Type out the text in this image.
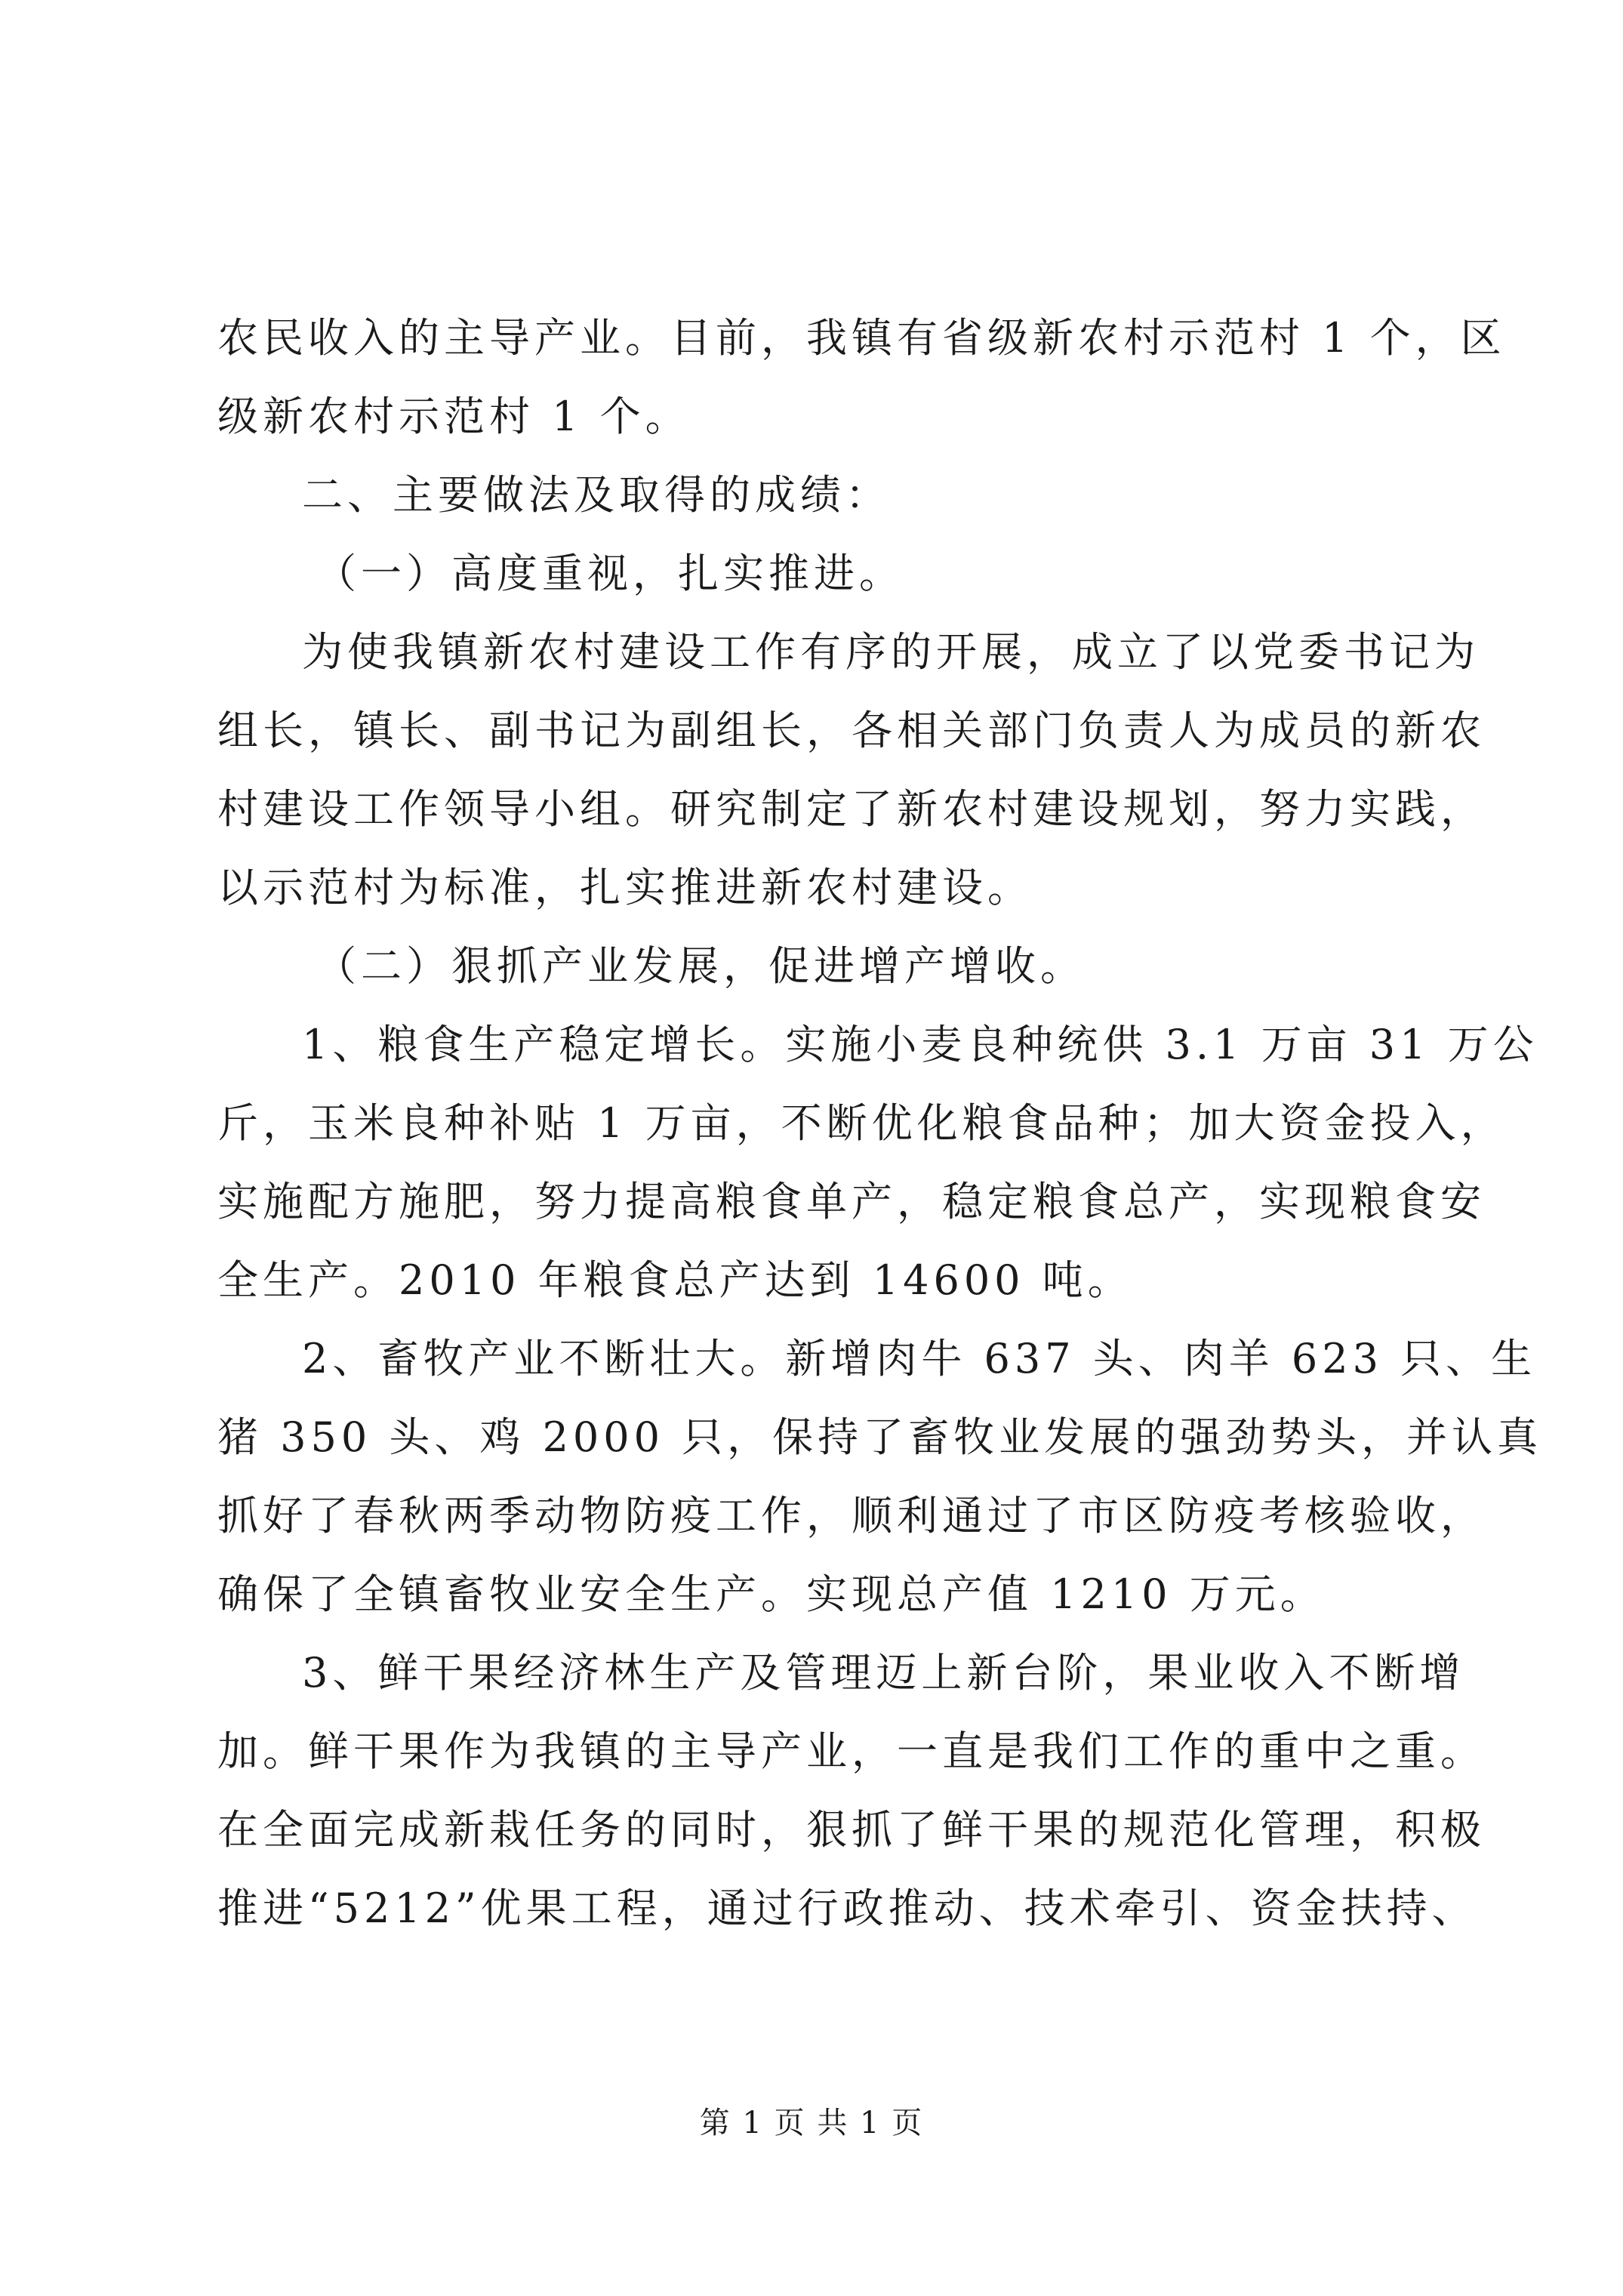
农民收入的主导产业。目前，我镇有省级新农村示范村 1 个，区
级新农村示范村 1 个。
二、主要做法及取得的成绩：
（一）高度重视，扎实推进。
为使我镇新农村建设工作有序的开展，成立了以党委书记为
组长，镇长、副书记为副组长，各相关部门负责人为成员的新农
村建设工作领导小组。研究制定了新农村建设规划，努力实践，
以示范村为标准，扎实推进新农村建设。
（二）狠抓产业发展，促进增产增收。
1、粮食生产稳定增长。实施小麦良种统供 3.1 万亩 31 万公
斤，玉米良种补贴 1 万亩，不断优化粮食品种；加大资金投入，
实施配方施肥，努力提高粮食单产，稳定粮食总产，实现粮食安
全生产。2010 年粮食总产达到 14600 吨。
2、畜牧产业不断壮大。新增肉牛 637 头、肉羊 623 只、生
猪 350 头、鸡 2000 只，保持了畜牧业发展的强劲势头，并认真
抓好了春秋两季动物防疫工作，顺利通过了市区防疫考核验收，
确保了全镇畜牧业安全生产。实现总产值 1210 万元。
3、鲜干果经济林生产及管理迈上新台阶，果业收入不断增
加。鲜干果作为我镇的主导产业，一直是我们工作的重中之重。
在全面完成新栽任务的同时，狠抓了鲜干果的规范化管理，积极
推进“5212”优果工程，通过行政推动、技术牵引、资金扶持、
第 1 页 共 1 页
